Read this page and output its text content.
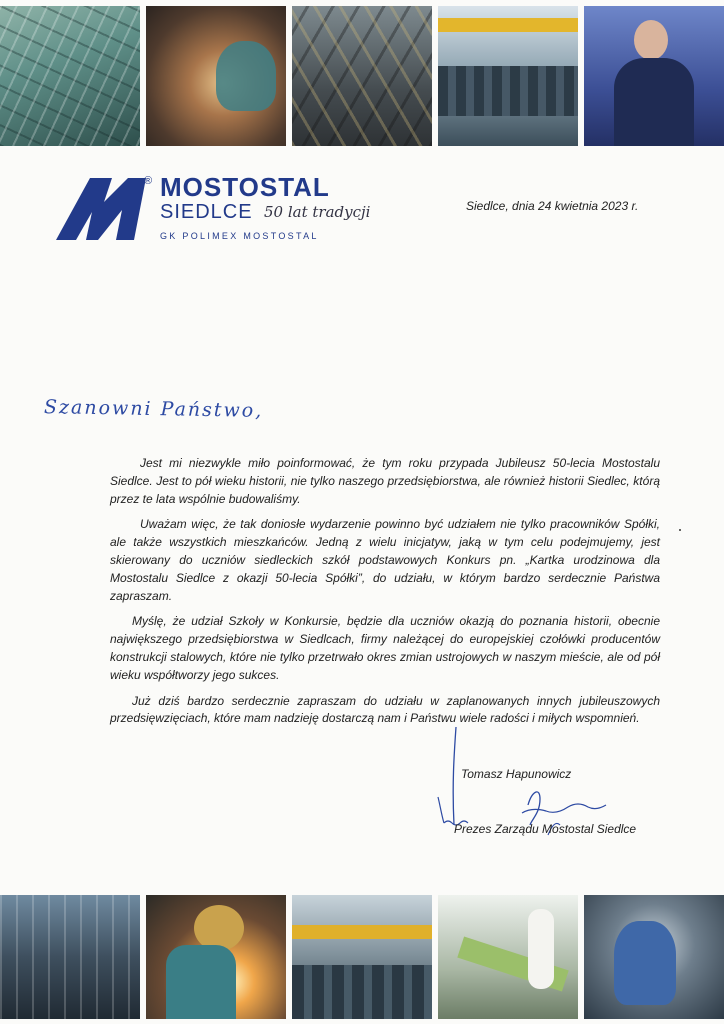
® MOSTOSTAL
SIEDLCE 50 lat tradycji
GK POLIMEX MOSTOSTAL
Siedlce, dnia 24 kwietnia 2023 r.
Szanowni Państwo,

Jest mi niezwykle miło poinformować, że tym roku przypada Jubileusz 50-lecia Mostostalu Siedlce. Jest to pół wieku historii, nie tylko naszego przedsiębiorstwa, ale również historii Siedlec, którą przez te lata wspólnie budowaliśmy.

Uważam więc, że tak doniosłe wydarzenie powinno być udziałem nie tylko pracowników Spółki, ale także wszystkich mieszkańców. Jedną z wielu inicjatyw, jaką w tym celu podejmujemy, jest skierowany do uczniów siedleckich szkół podstawowych Konkurs pn. „Kartka urodzinowa dla Mostostalu Siedlce z okazji 50-lecia Spółki”, do udziału, w którym bardzo serdecznie Państwa zapraszam.

Myślę, że udział Szkoły w Konkursie, będzie dla uczniów okazją do poznania historii, obecnie największego przedsiębiorstwa w Siedlcach, firmy należącej do europejskiej czołówki producentów konstrukcji stalowych, które nie tylko przetrwało okres zmian ustrojowych w naszym mieście, ale od pół wieku współtworzy jego sukces.

Już dziś bardzo serdecznie zapraszam do udziału w zaplanowanych innych jubileuszowych przedsięwzięciach, które mam nadzieję dostarczą nam i Państwu wiele radości i miłych wspomnień.

Tomasz Hapunowicz
Prezes Zarządu Mostostal Siedlce
